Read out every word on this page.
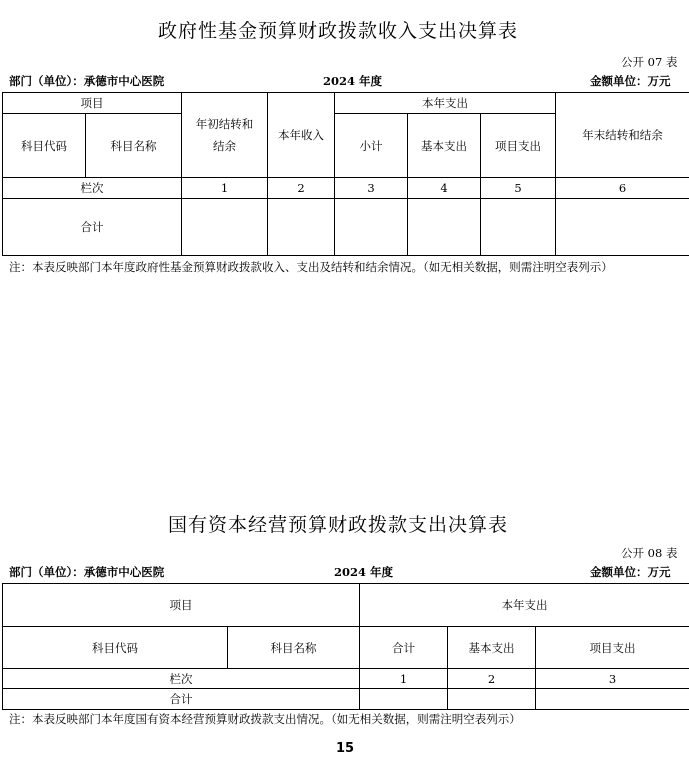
政府性基金预算财政拨款收入支出决算表
公开 07 表
部门（单位）：承德市中心医院	2024 年度	金额单位：万元
项目		年初结转和结余	本年收入	本年支出			年末结转和结余
科目代码	科目名称			小计	基本支出	项目支出	
栏次		1	2	3	4	5	6
合计							
注：本表反映部门本年度政府性基金预算财政拨款收入、支出及结转和结余情况。（如无相关数据，则需注明空表列示）
国有资本经营预算财政拨款支出决算表
公开 08 表
部门（单位）：承德市中心医院	2024 年度	金额单位：万元
项目		本年支出		
科目代码	科目名称	合计	基本支出	项目支出
栏次		1	2	3
合计				
注：本表反映部门本年度国有资本经营预算财政拨款支出情况。（如无相关数据，则需注明空表列示）
15
